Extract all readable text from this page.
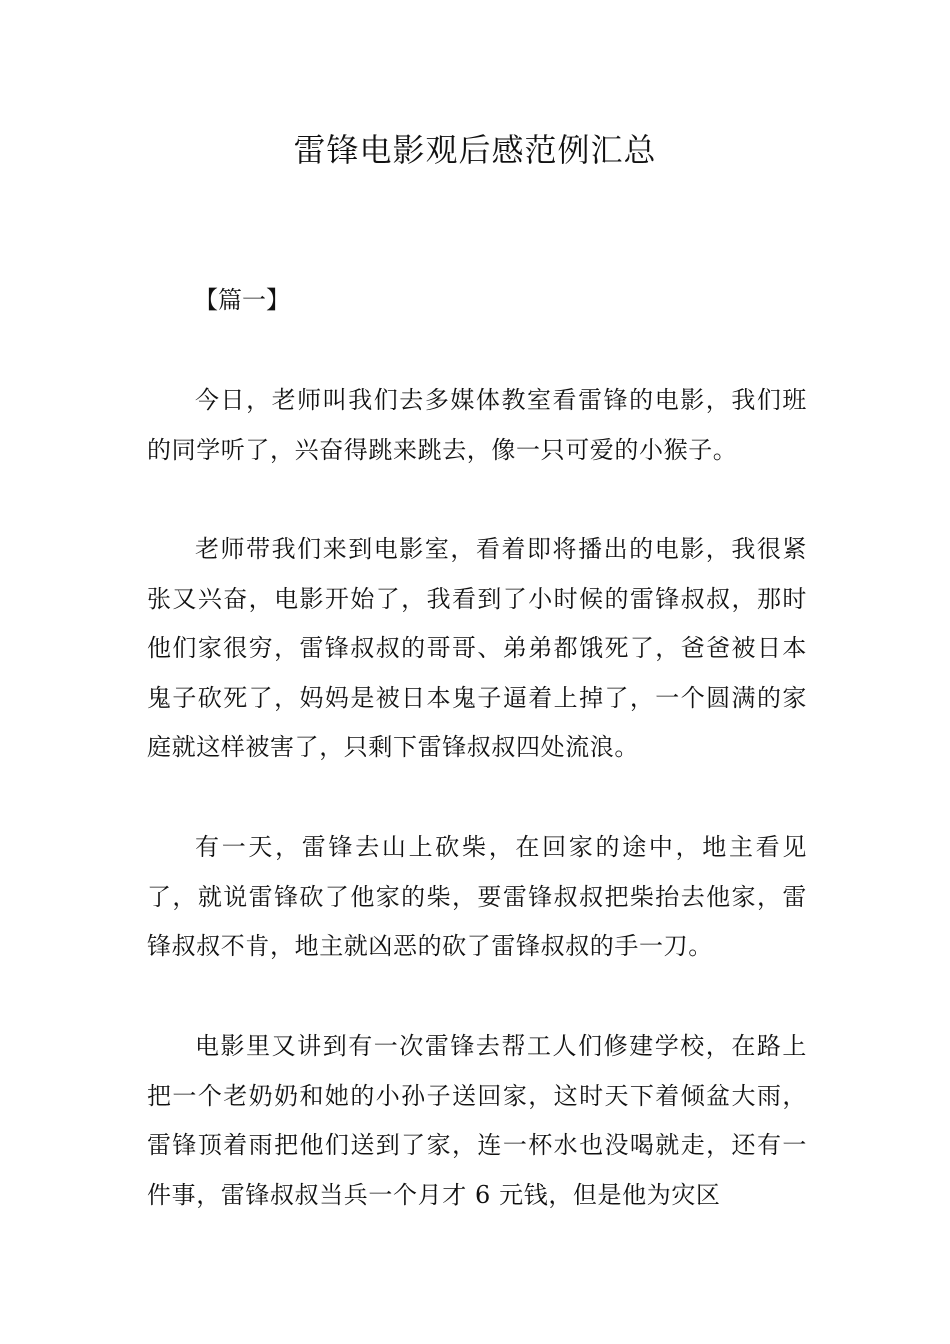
雷锋电影观后感范例汇总
【篇一】

今日，老师叫我们去多媒体教室看雷锋的电影，我们班的同学听了，兴奋得跳来跳去，像一只可爱的小猴子。

老师带我们来到电影室，看着即将播出的电影，我很紧张又兴奋，电影开始了，我看到了小时候的雷锋叔叔，那时他们家很穷，雷锋叔叔的哥哥、弟弟都饿死了，爸爸被日本鬼子砍死了，妈妈是被日本鬼子逼着上掉了，一个圆满的家庭就这样被害了，只剩下雷锋叔叔四处流浪。

有一天，雷锋去山上砍柴，在回家的途中，地主看见了，就说雷锋砍了他家的柴，要雷锋叔叔把柴抬去他家，雷锋叔叔不肯，地主就凶恶的砍了雷锋叔叔的手一刀。

电影里又讲到有一次雷锋去帮工人们修建学校，在路上把一个老奶奶和她的小孙子送回家，这时天下着倾盆大雨，雷锋顶着雨把他们送到了家，连一杯水也没喝就走，还有一件事，雷锋叔叔当兵一个月才 6 元钱，但是他为灾区
